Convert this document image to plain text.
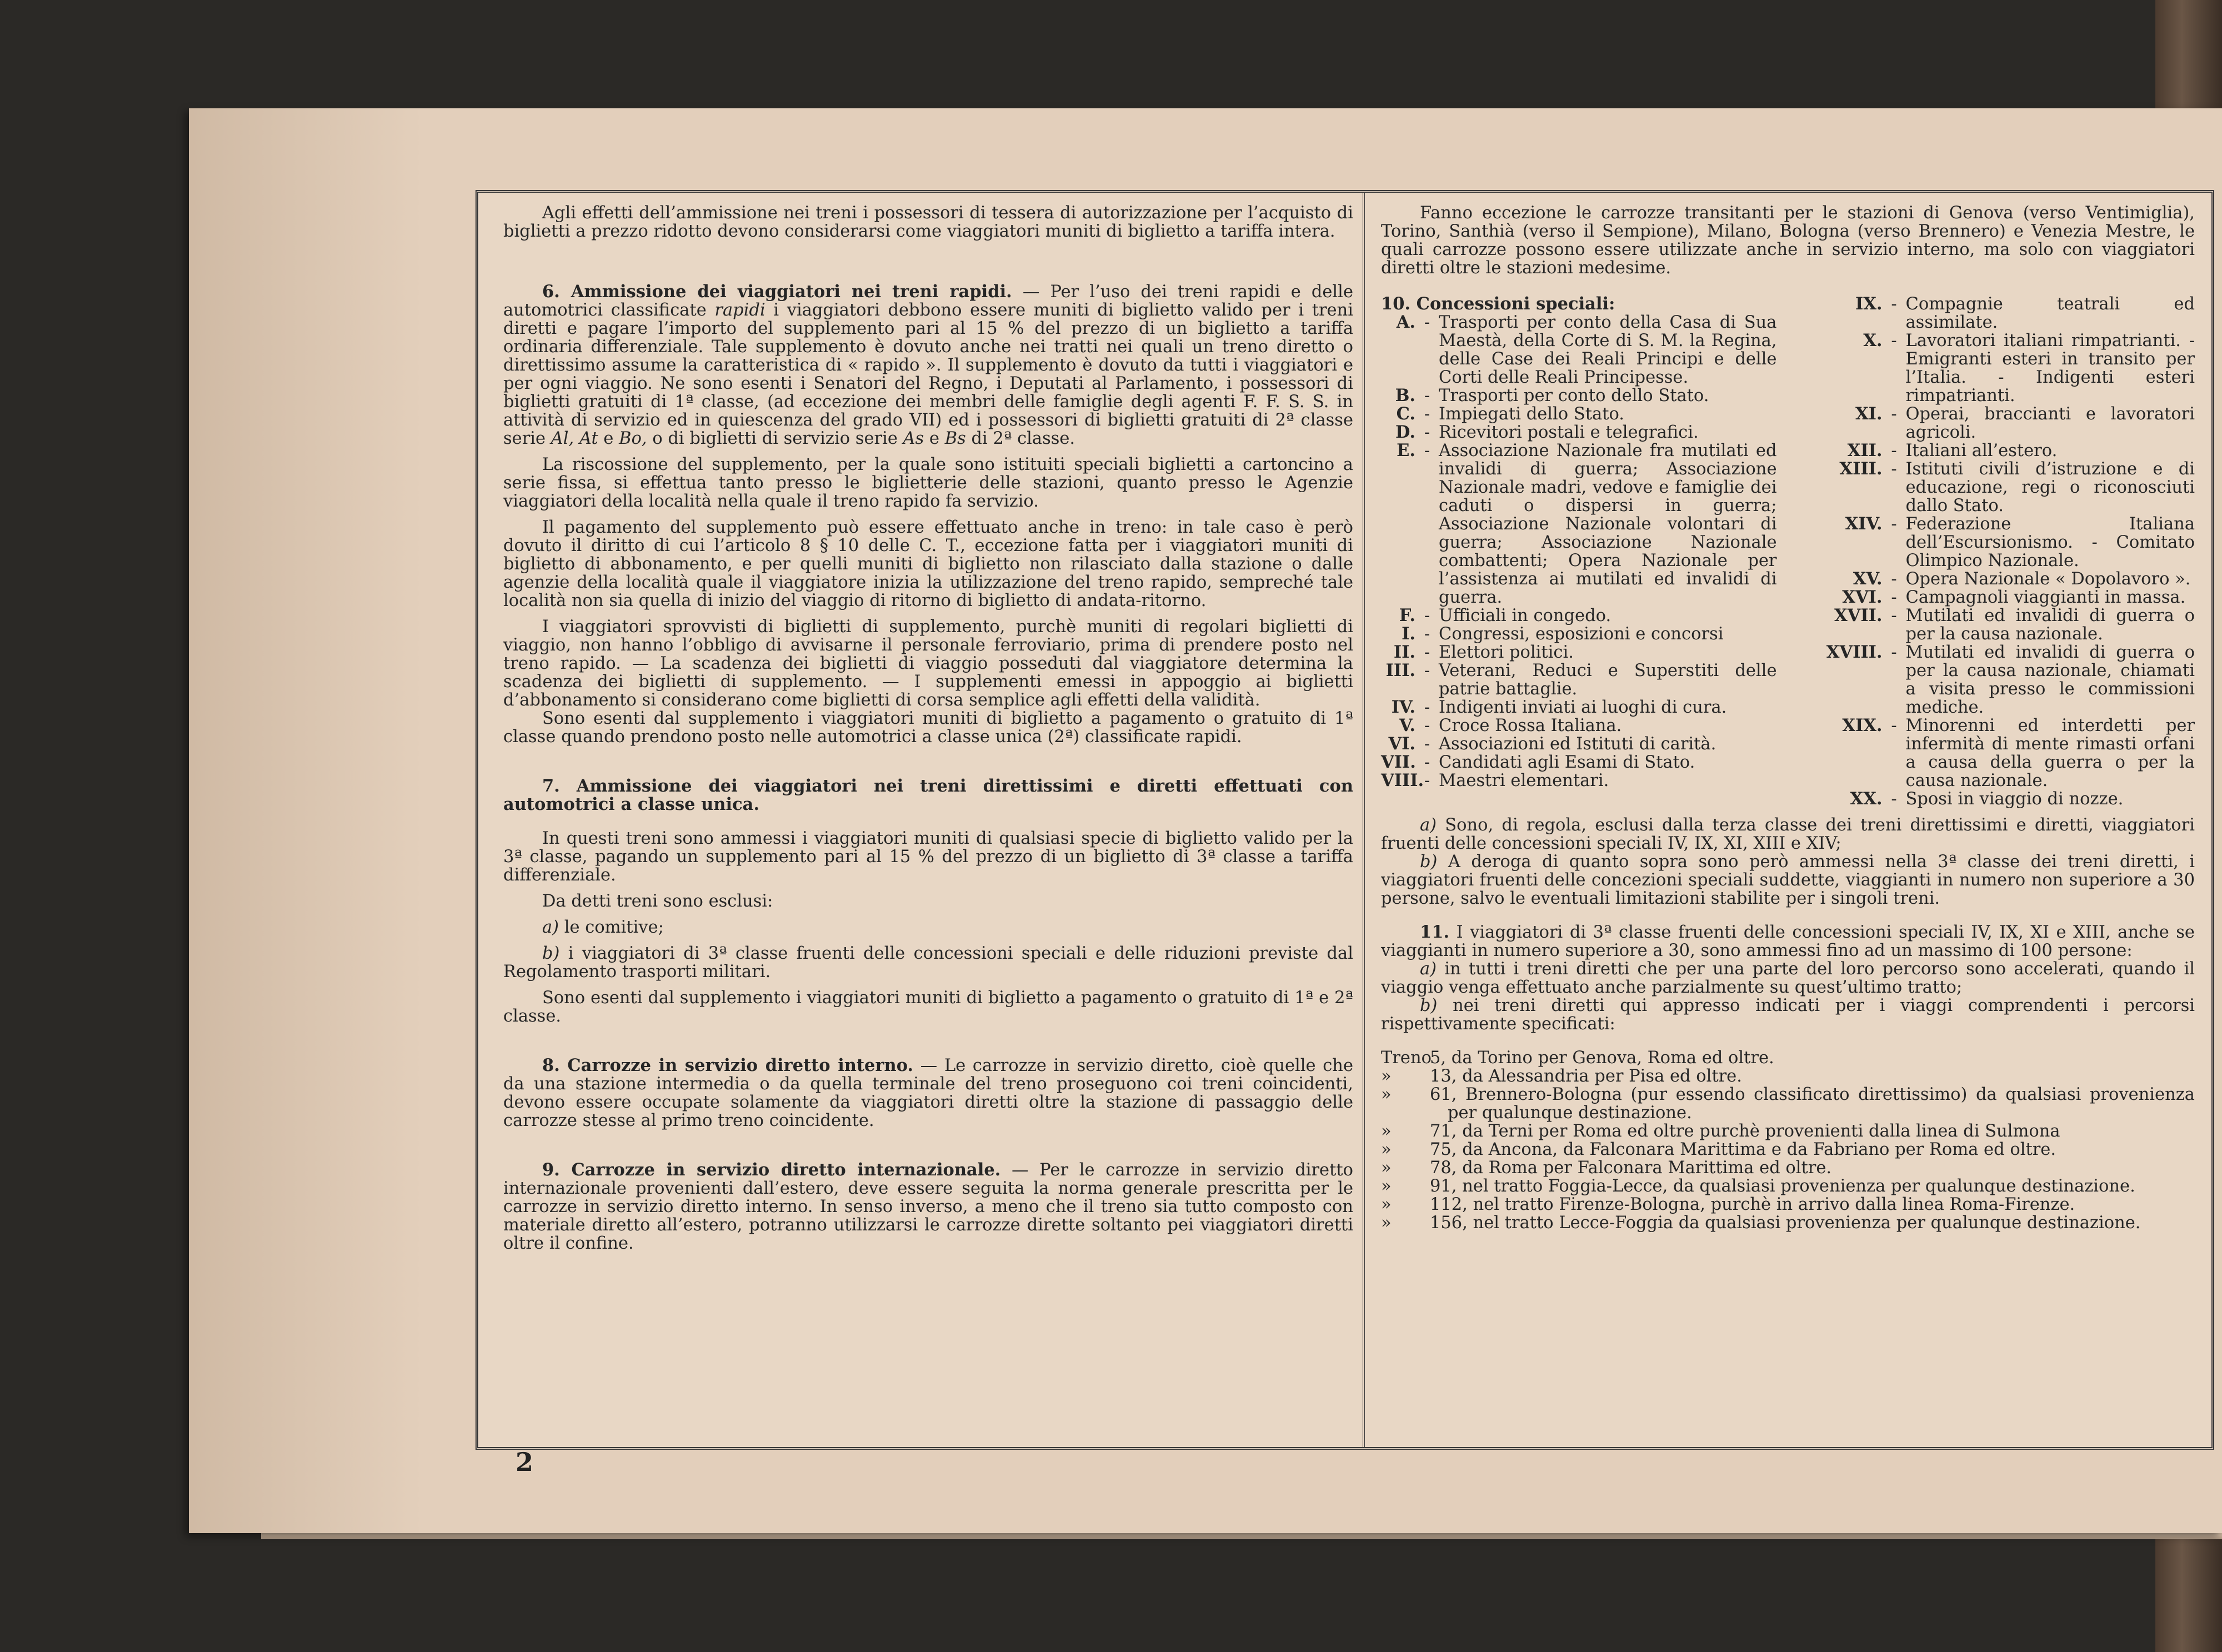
Agli effetti dell’ammissione nei treni i possessori di tessera di autorizzazione per l’acquisto di biglietti a prezzo ridotto devono considerarsi come viaggiatori muniti di biglietto a tariffa intera.

6. Ammissione dei viaggiatori nei treni rapidi. — Per l’uso dei treni rapidi e delle automotrici classificate rapidi i viaggiatori debbono essere muniti di biglietto valido per i treni diretti e pagare l’importo del supplemento pari al 15 % del prezzo di un biglietto a tariffa ordinaria differenziale. Tale supplemento è dovuto anche nei tratti nei quali un treno diretto o direttissimo assume la caratteristica di « rapido ». Il supplemento è dovuto da tutti i viaggiatori e per ogni viaggio. Ne sono esenti i Senatori del Regno, i Deputati al Parlamento, i possessori di biglietti gratuiti di 1ª classe, (ad eccezione dei membri delle famiglie degli agenti F. F. S. S. in attività di servizio ed in quiescenza del grado VII) ed i possessori di biglietti gratuiti di 2ª classe serie Al, At e Bo, o di biglietti di servizio serie As e Bs di 2ª classe.

La riscossione del supplemento, per la quale sono istituiti speciali biglietti a cartoncino a serie fissa, si effettua tanto presso le biglietterie delle stazioni, quanto presso le Agenzie viaggiatori della località nella quale il treno rapido fa servizio.

Il pagamento del supplemento può essere effettuato anche in treno: in tale caso è però dovuto il diritto di cui l’articolo 8 § 10 delle C. T., eccezione fatta per i viaggiatori muniti di biglietto di abbonamento, e per quelli muniti di biglietto non rilasciato dalla stazione o dalle agenzie della località quale il viaggiatore inizia la utilizzazione del treno rapido, sempreché tale località non sia quella di inizio del viaggio di ritorno di biglietto di andata-ritorno.

I viaggiatori sprovvisti di biglietti di supplemento, purchè muniti di regolari biglietti di viaggio, non hanno l’obbligo di avvisarne il personale ferroviario, prima di prendere posto nel treno rapido. — La scadenza dei biglietti di viaggio posseduti dal viaggiatore determina la scadenza dei biglietti di supplemento. — I supplementi emessi in appoggio ai biglietti d’abbonamento si considerano come biglietti di corsa semplice agli effetti della validità.

Sono esenti dal supplemento i viaggiatori muniti di biglietto a pagamento o gratuito di 1ª classe quando prendono posto nelle automotrici a classe unica (2ª) classificate rapidi.

7. Ammissione dei viaggiatori nei treni direttissimi e diretti effettuati con automotrici a classe unica.

In questi treni sono ammessi i viaggiatori muniti di qualsiasi specie di biglietto valido per la 3ª classe, pagando un supplemento pari al 15 % del prezzo di un biglietto di 3ª classe a tariffa differenziale.

Da detti treni sono esclusi:

a) le comitive;

b) i viaggiatori di 3ª classe fruenti delle concessioni speciali e delle riduzioni previste dal Regolamento trasporti militari.

Sono esenti dal supplemento i viaggiatori muniti di biglietto a pagamento o gratuito di 1ª e 2ª classe.

8. Carrozze in servizio diretto interno. — Le carrozze in servizio diretto, cioè quelle che da una stazione intermedia o da quella terminale del treno proseguono coi treni coincidenti, devono essere occupate solamente da viaggiatori diretti oltre la stazione di passaggio delle carrozze stesse al primo treno coincidente.

9. Carrozze in servizio diretto internazionale. — Per le carrozze in servizio diretto internazionale provenienti dall’estero, deve essere seguita la norma generale prescritta per le carrozze in servizio diretto interno. In senso inverso, a meno che il treno sia tutto composto con materiale diretto all’estero, potranno utilizzarsi le carrozze dirette soltanto pei viaggiatori diretti oltre il confine.

Fanno eccezione le carrozze transitanti per le stazioni di Genova (verso Ventimiglia), Torino, Santhià (verso il Sempione), Milano, Bologna (verso Brennero) e Venezia Mestre, le quali carrozze possono essere utilizzate anche in servizio interno, ma solo con viaggiatori diretti oltre le stazioni medesime.

10. Concessioni speciali:
A. - Trasporti per conto della Casa di Sua Maestà, della Corte di S. M. la Regina, delle Case dei Reali Principi e delle Corti delle Reali Principesse.
B. - Trasporti per conto dello Stato.
C. - Impiegati dello Stato.
D. - Ricevitori postali e telegrafici.
E. - Associazione Nazionale fra mutilati ed invalidi di guerra; Associazione Nazionale madri, vedove e famiglie dei caduti o dispersi in guerra; Associazione Nazionale volontari di guerra; Associazione Nazionale combattenti; Opera Nazionale per l’assistenza ai mutilati ed invalidi di guerra.
F. - Ufficiali in congedo.
I. - Congressi, esposizioni e concorsi
II. - Elettori politici.
III. - Veterani, Reduci e Superstiti delle patrie battaglie.
IV. - Indigenti inviati ai luoghi di cura.
V. - Croce Rossa Italiana.
VI. - Associazioni ed Istituti di carità.
VII. - Candidati agli Esami di Stato.
VIII. - Maestri elementari.
IX. - Compagnie teatrali ed assimilate.
X. - Lavoratori italiani rimpatrianti. - Emigranti esteri in transito per l’Italia. - Indigenti esteri rimpatrianti.
XI. - Operai, braccianti e lavoratori agricoli.
XII. - Italiani all’estero.
XIII. - Istituti civili d’istruzione e di educazione, regi o riconosciuti dallo Stato.
XIV. - Federazione Italiana dell’Escursionismo. - Comitato Olimpico Nazionale.
XV. - Opera Nazionale « Dopolavoro ».
XVI. - Campagnoli viaggianti in massa.
XVII. - Mutilati ed invalidi di guerra o per la causa nazionale.
XVIII. - Mutilati ed invalidi di guerra o per la causa nazionale, chiamati a visita presso le commissioni mediche.
XIX. - Minorenni ed interdetti per infermità di mente rimasti orfani a causa della guerra o per la causa nazionale.
XX. - Sposi in viaggio di nozze.

a) Sono, di regola, esclusi dalla terza classe dei treni direttissimi e diretti, viaggiatori fruenti delle concessioni speciali IV, IX, XI, XIII e XIV;

b) A deroga di quanto sopra sono però ammessi nella 3ª classe dei treni diretti, i viaggiatori fruenti delle concezioni speciali suddette, viaggianti in numero non superiore a 30 persone, salvo le eventuali limitazioni stabilite per i singoli treni.

11. I viaggiatori di 3ª classe fruenti delle concessioni speciali IV, IX, XI e XIII, anche se viaggianti in numero superiore a 30, sono ammessi fino ad un massimo di 100 persone:

a) in tutti i treni diretti che per una parte del loro percorso sono accelerati, quando il viaggio venga effettuato anche parzialmente su quest’ultimo tratto;

b) nei treni diretti qui appresso indicati per i viaggi comprendenti i percorsi rispettivamente specificati:

Treno
5, da Torino per Genova, Roma ed oltre.
»	13, da Alessandria per Pisa ed oltre.
»	61, Brennero-Bologna (pur essendo classificato direttissimo) da qualsiasi provenienza per qualunque destinazione.
»	71, da Terni per Roma ed oltre purchè provenienti dalla linea di Sulmona
»	75, da Ancona, da Falconara Marittima e da Fabriano per Roma ed oltre.
»	78, da Roma per Falconara Marittima ed oltre.
»	91, nel tratto Foggia-Lecce, da qualsiasi provenienza per qualunque destinazione.
»	112, nel tratto Firenze-Bologna, purchè in arrivo dalla linea Roma-Firenze.
»	156, nel tratto Lecce-Foggia da qualsiasi provenienza per qualunque destinazione.
2
